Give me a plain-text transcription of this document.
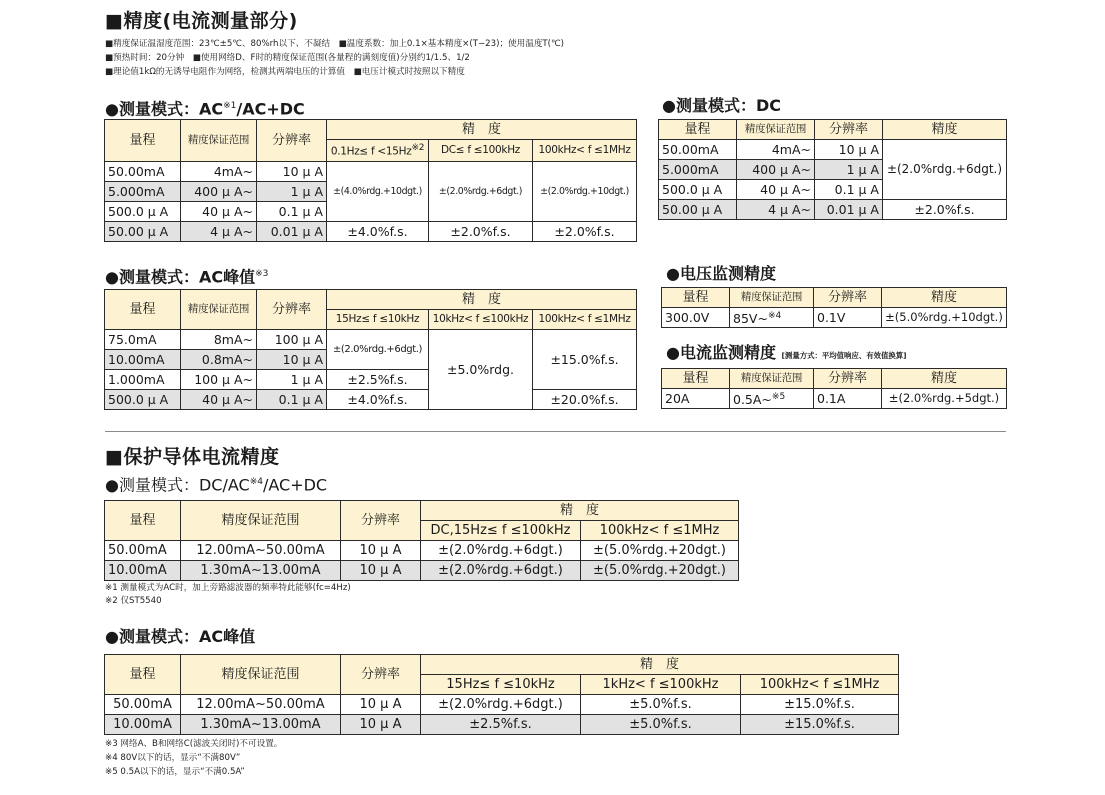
■精度(电流测量部分)
■精度保证温湿度范围：23℃±5℃、80%rh以下、不凝结　■温度系数：加上0.1×基本精度×(T−23)；使用温度T(℃)
■预热时间：20分钟　■使用网络D、F时的精度保证范围(各量程的满刻度值)分别约1/1.5、1/2
■理论值1kΩ的无诱导电阻作为网络，检测其两端电压的计算值　■电压计模式时按照以下精度
●测量模式：$AC^{※1}/AC+DC$
量程	精度保证范围	分辨率	精　度		
			0.1Hz≤ f <15Hz※2	DC≤ f ≤100kHz	100kHz< f ≤1MHz
50.00mA	4mA~	10 μ A	±(4.0%rdg.+10dgt.)	±(2.0%rdg.+6dgt.)	±(2.0%rdg.+10dgt.)
5.000mA	400 μ A~	1 μ A			
500.0 μ A	40 μ A~	0.1 μ A			
50.00 μ A	4 μ A~	0.01 μ A	±4.0%f.s.	±2.0%f.s.	±2.0%f.s.
●测量模式：DC
量程	精度保证范围	分辨率	精度
50.00mA	4mA~	10 μ A	±(2.0%rdg.+6dgt.)
5.000mA	400 μ A~	1 μ A	
500.0 μ A	40 μ A~	0.1 μ A	
50.00 μ A	4 μ A~	0.01 μ A	±2.0%f.s.
●测量模式：AC峰值$^{※3}$
量程	精度保证范围	分辨率	精　度		
			15Hz≤ f ≤10kHz	10kHz< f ≤100kHz	100kHz< f ≤1MHz
75.0mA	8mA~	100 μ A	±(2.0%rdg.+6dgt.)	±5.0%rdg.	±15.0%f.s.
10.00mA	0.8mA~	10 μ A			
1.000mA	100 μ A~	1 μ A	±2.5%f.s.		
500.0 μ A	40 μ A~	0.1 μ A	±4.0%f.s.		±20.0%f.s.
●电压监测精度
量程	精度保证范围	分辨率	精度
300.0V	85V~$^{※4}$	0.1V	±(5.0%rdg.+10dgt.)
●电流监测精度 [测量方式：平均值响应、有效值换算]
量程	精度保证范围	分辨率	精度
20A	0.5A~$^{※5}$	0.1A	±(2.0%rdg.+5dgt.)
■保护导体电流精度
●测量模式：$DC/AC^{※4}/AC+DC$
量程	精度保证范围	分辨率	精　度	
			DC,15Hz≤ f ≤100kHz	100kHz< f ≤1MHz
50.00mA	12.00mA~50.00mA	10 μ A	±(2.0%rdg.+6dgt.)	±(5.0%rdg.+20dgt.)
10.00mA	1.30mA~13.00mA	10 μ A	±(2.0%rdg.+6dgt.)	±(5.0%rdg.+20dgt.)
※1 测量模式为AC时，加上旁路滤波器的频率特此能够(fc=4Hz)
※2 仅ST5540
●测量模式：AC峰值
量程	精度保证范围	分辨率	精　度		
			15Hz≤ f ≤10kHz	1kHz< f ≤100kHz	100kHz< f ≤1MHz
50.00mA	12.00mA~50.00mA	10 μ A	±(2.0%rdg.+6dgt.)	±5.0%f.s.	±15.0%f.s.
10.00mA	1.30mA~13.00mA	10 μ A	±2.5%f.s.	±5.0%f.s.	±15.0%f.s.
※3 网络A、B和网络C(滤波关闭时)不可设置。
※4 80V以下的话，显示“不满80V”
※5 0.5A以下的话，显示“不满0.5A”
